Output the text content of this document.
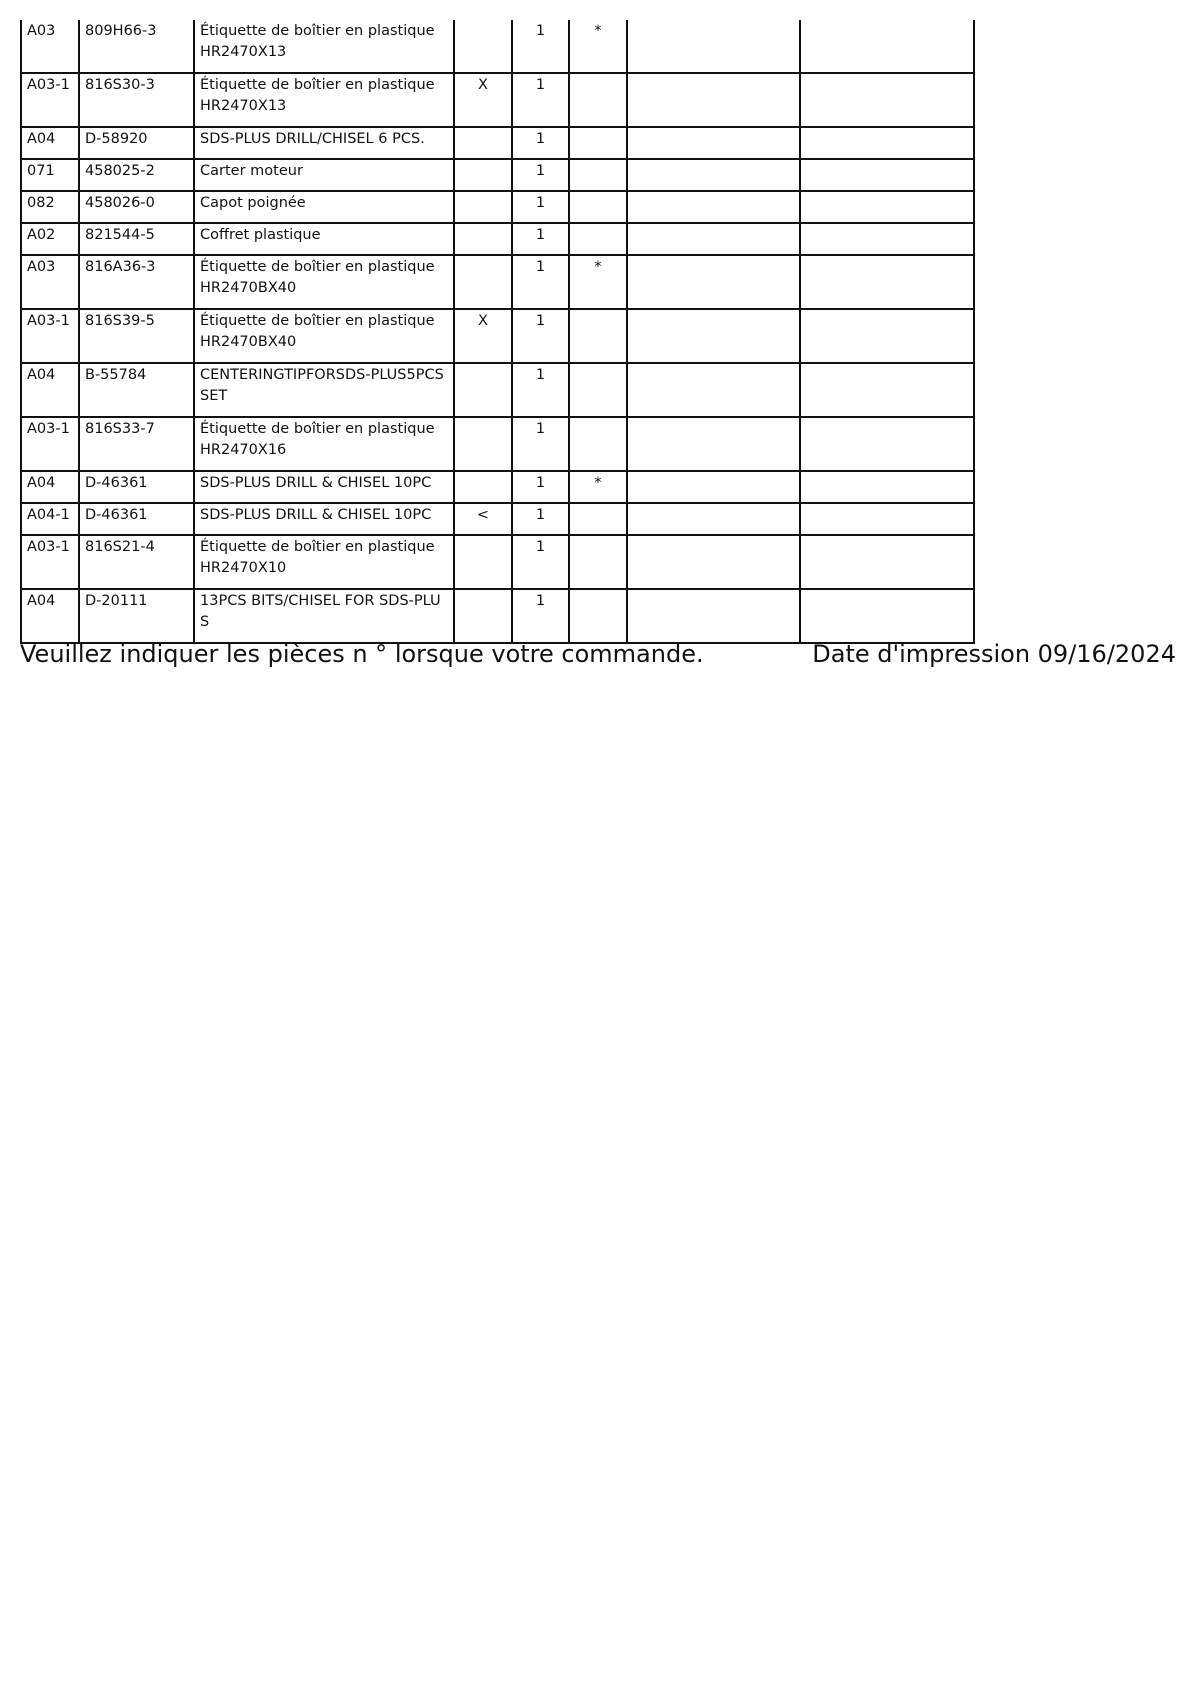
A03	809H66-3	Étiquette de boîtier en plastique HR2470X13		1	*		
A03-1	816S30-3	Étiquette de boîtier en plastique HR2470X13	X	1			
A04	D-58920	SDS-PLUS DRILL/CHISEL 6 PCS.		1			
071	458025-2	Carter moteur		1			
082	458026-0	Capot poignée		1			
A02	821544-5	Coffret plastique		1			
A03	816A36-3	Étiquette de boîtier en plastique HR2470BX40		1	*		
A03-1	816S39-5	Étiquette de boîtier en plastique HR2470BX40	X	1			
A04	B-55784	CENTERINGTIPFORSDS-PLUS5PCSSET		1			
A03-1	816S33-7	Étiquette de boîtier en plastique HR2470X16		1			
A04	D-46361	SDS-PLUS DRILL & CHISEL 10PC		1	*		
A04-1	D-46361	SDS-PLUS DRILL & CHISEL 10PC	<	1			
A03-1	816S21-4	Étiquette de boîtier en plastique HR2470X10		1			
A04	D-20111	13PCS BITS/CHISEL FOR SDS-PLUS		1			
Veuillez indiquer les pièces n ° lorsque votre commande.	Date d'impression 09/16/2024
